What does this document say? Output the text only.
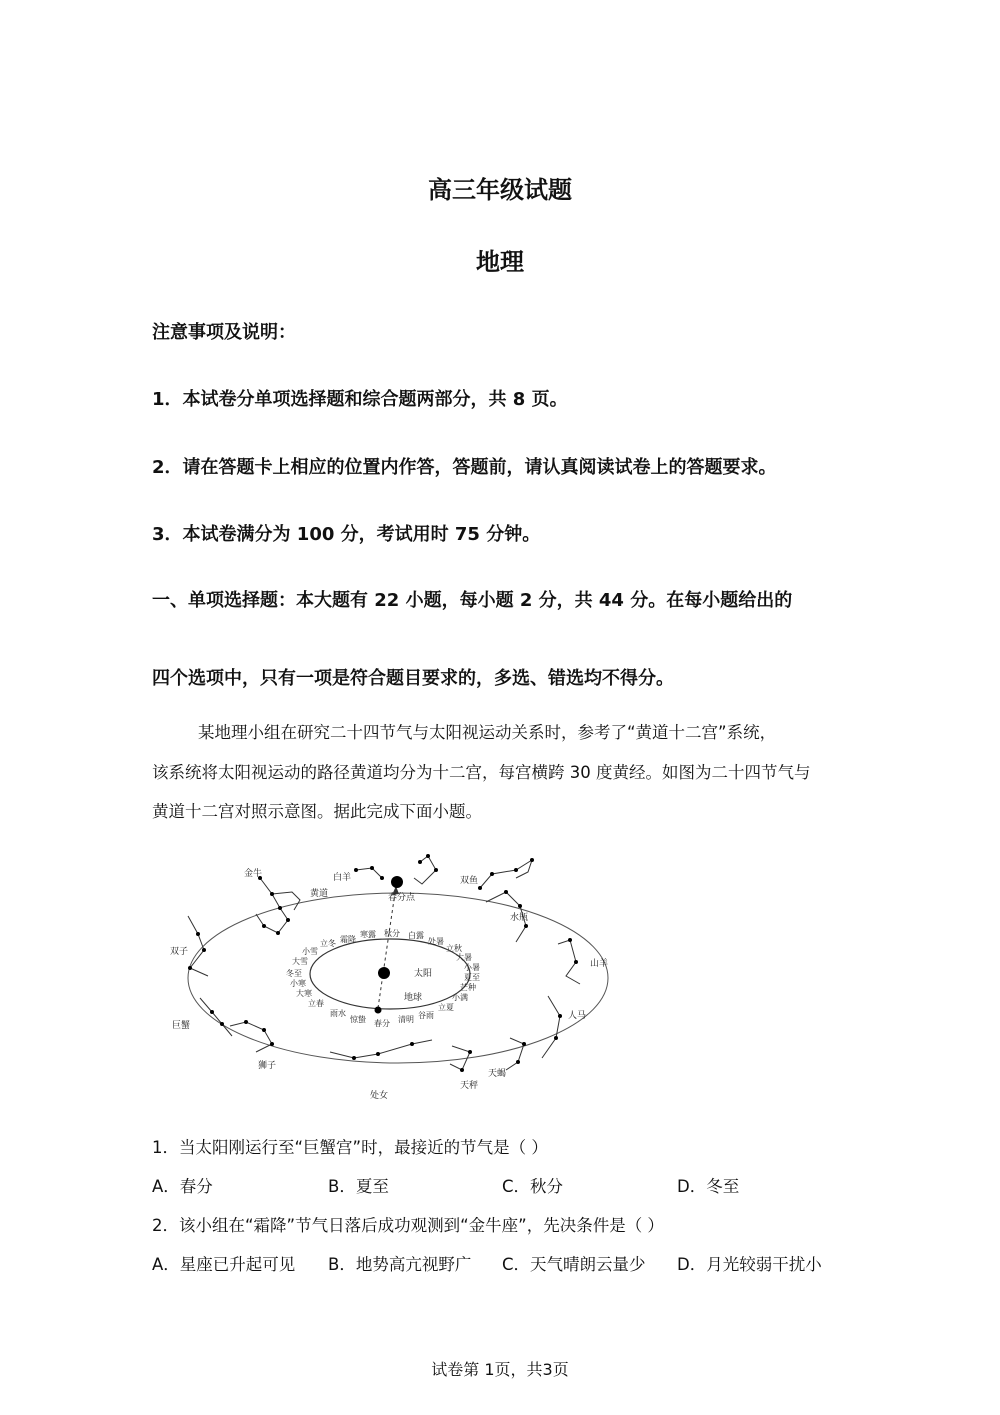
高三年级试题
地理
注意事项及说明：
1．本试卷分单项选择题和综合题两部分，共 8 页。
2．请在答题卡上相应的位置内作答，答题前，请认真阅读试卷上的答题要求。
3．本试卷满分为 100 分，考试用时 75 分钟。
一、单项选择题：本大题有 22 小题，每小题 2 分，共 44 分。在每小题给出的
四个选项中，只有一项是符合题目要求的，多选、错选均不得分。
某地理小组在研究二十四节气与太阳视运动关系时，参考了“黄道十二宫”系统，
该系统将太阳视运动的路径黄道均分为十二宫，每宫横跨 30 度黄经。如图为二十四节气与
黄道十二宫对照示意图。据此完成下面小题。
金牛	白羊	双鱼
水瓶
山羊
人马
天蝎
天秤
处女
狮子
巨蟹
双子
黄道	春分点
太阳
地球
春分 清明 谷雨
立夏
小满
芒种
夏至
小暑
大暑
立秋
处暑
白露
秋分
寒露
霜降
立冬
小雪
大雪
冬至
小寒
大寒
立春
雨水
惊蛰
1．当太阳刚运行至“巨蟹宫”时，最接近的节气是（ ）
A．春分	B．夏至	C．秋分	D．冬至
2．该小组在“霜降”节气日落后成功观测到“金牛座”，先决条件是（ ）
A．星座已升起可见 B．地势高亢视野广 C．天气晴朗云量少 D．月光较弱干扰小
试卷第 1页，共3页
